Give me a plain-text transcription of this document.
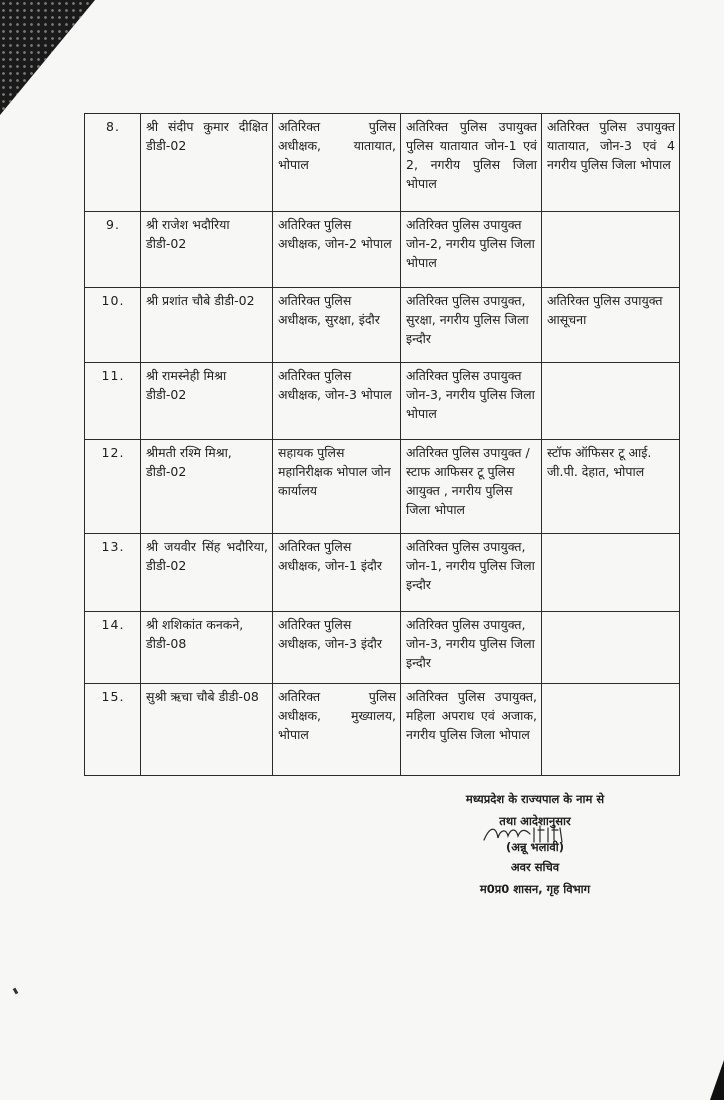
8.	श्री संदीप कुमार दीक्षित डीडी-02	अतिरिक्त पुलिस अधीक्षक, यातायात, भोपाल	अतिरिक्त पुलिस उपायुक्त पुलिस यातायात जोन-1 एवं 2, नगरीय पुलिस जिला भोपाल	अतिरिक्त पुलिस उपायुक्त यातायात, जोन-3 एवं 4 नगरीय पुलिस जिला भोपाल
9.	श्री राजेश भदौरिया डीडी-02	अतिरिक्त पुलिस अधीक्षक, जोन-2 भोपाल	अतिरिक्त पुलिस उपायुक्त जोन-2, नगरीय पुलिस जिला भोपाल	
10.	श्री प्रशांत चौबे डीडी-02	अतिरिक्त पुलिस अधीक्षक, सुरक्षा, इंदौर	अतिरिक्त पुलिस उपायुक्त, सुरक्षा, नगरीय पुलिस जिला इन्दौर	अतिरिक्त पुलिस उपायुक्त आसूचना
11.	श्री रामस्नेही मिश्रा डीडी-02	अतिरिक्त पुलिस अधीक्षक, जोन-3 भोपाल	अतिरिक्त पुलिस उपायुक्त जोन-3, नगरीय पुलिस जिला भोपाल	
12.	श्रीमती रश्मि मिश्रा, डीडी-02	सहायक पुलिस महानिरीक्षक भोपाल जोन कार्यालय	अतिरिक्त पुलिस उपायुक्त /स्टाफ आफिसर टू पुलिस आयुक्त , नगरीय पुलिस जिला भोपाल	स्टॉफ ऑफिसर टू आई. जी.पी. देहात, भोपाल
13.	श्री जयवीर सिंह भदौरिया, डीडी-02	अतिरिक्त पुलिस अधीक्षक, जोन-1 इंदौर	अतिरिक्त पुलिस उपायुक्त, जोन-1, नगरीय पुलिस जिला इन्दौर	
14.	श्री शशिकांत कनकने, डीडी-08	अतिरिक्त पुलिस अधीक्षक, जोन-3 इंदौर	अतिरिक्त पुलिस उपायुक्त, जोन-3, नगरीय पुलिस जिला इन्दौर	
15.	सुश्री ऋचा चौबे डीडी-08	अतिरिक्त पुलिस अधीक्षक, मुख्यालय, भोपाल	अतिरिक्त पुलिस उपायुक्त, महिला अपराध एवं अजाक, नगरीय पुलिस जिला भोपाल	
मध्यप्रदेश के राज्यपाल के नाम से
तथा आदेशानुसार
(अन्नू भलावी)
अवर सचिव
म0प्र0 शासन, गृह विभाग
